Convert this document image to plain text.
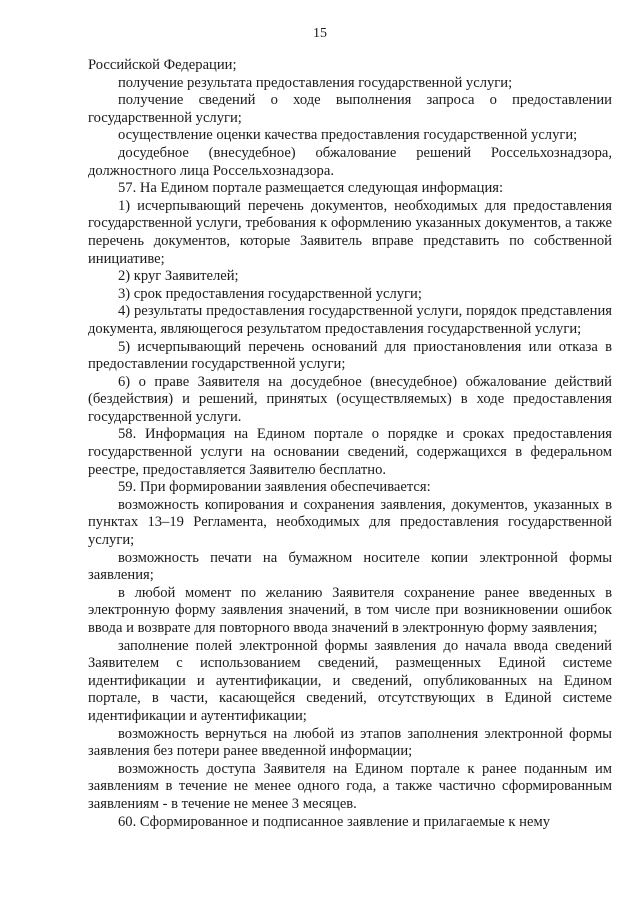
15

Российской Федерации;

получение результата предоставления государственной услуги;

получение сведений о ходе выполнения запроса о предоставлении государственной услуги;

осуществление оценки качества предоставления государственной услуги;

досудебное (внесудебное) обжалование решений Россельхознадзора, должностного лица Россельхознадзора.

57. На Едином портале размещается следующая информация:

1) исчерпывающий перечень документов, необходимых для предоставления государственной услуги, требования к оформлению указанных документов, а также перечень документов, которые Заявитель вправе представить по собственной инициативе;

2) круг Заявителей;

3) срок предоставления государственной услуги;

4) результаты предоставления государственной услуги, порядок представления документа, являющегося результатом предоставления государственной услуги;

5) исчерпывающий перечень оснований для приостановления или отказа в предоставлении государственной услуги;

6) о праве Заявителя на досудебное (внесудебное) обжалование действий (бездействия) и решений, принятых (осуществляемых) в ходе предоставления государственной услуги.

58. Информация на Едином портале о порядке и сроках предоставления государственной услуги на основании сведений, содержащихся в федеральном реестре, предоставляется Заявителю бесплатно.

59. При формировании заявления обеспечивается:

возможность копирования и сохранения заявления, документов, указанных в пунктах 13–19 Регламента, необходимых для предоставления государственной услуги;

возможность печати на бумажном носителе копии электронной формы заявления;

в любой момент по желанию Заявителя сохранение ранее введенных в электронную форму заявления значений, в том числе при возникновении ошибок ввода и возврате для повторного ввода значений в электронную форму заявления;

заполнение полей электронной формы заявления до начала ввода сведений Заявителем с использованием сведений, размещенных Единой системе идентификации и аутентификации, и сведений, опубликованных на Едином портале, в части, касающейся сведений, отсутствующих в Единой системе идентификации и аутентификации;

возможность вернуться на любой из этапов заполнения электронной формы заявления без потери ранее введенной информации;

возможность доступа Заявителя на Едином портале к ранее поданным им заявлениям в течение не менее одного года, а также частично сформированным заявлениям - в течение не менее 3 месяцев.

60. Сформированное и подписанное заявление и прилагаемые к нему
